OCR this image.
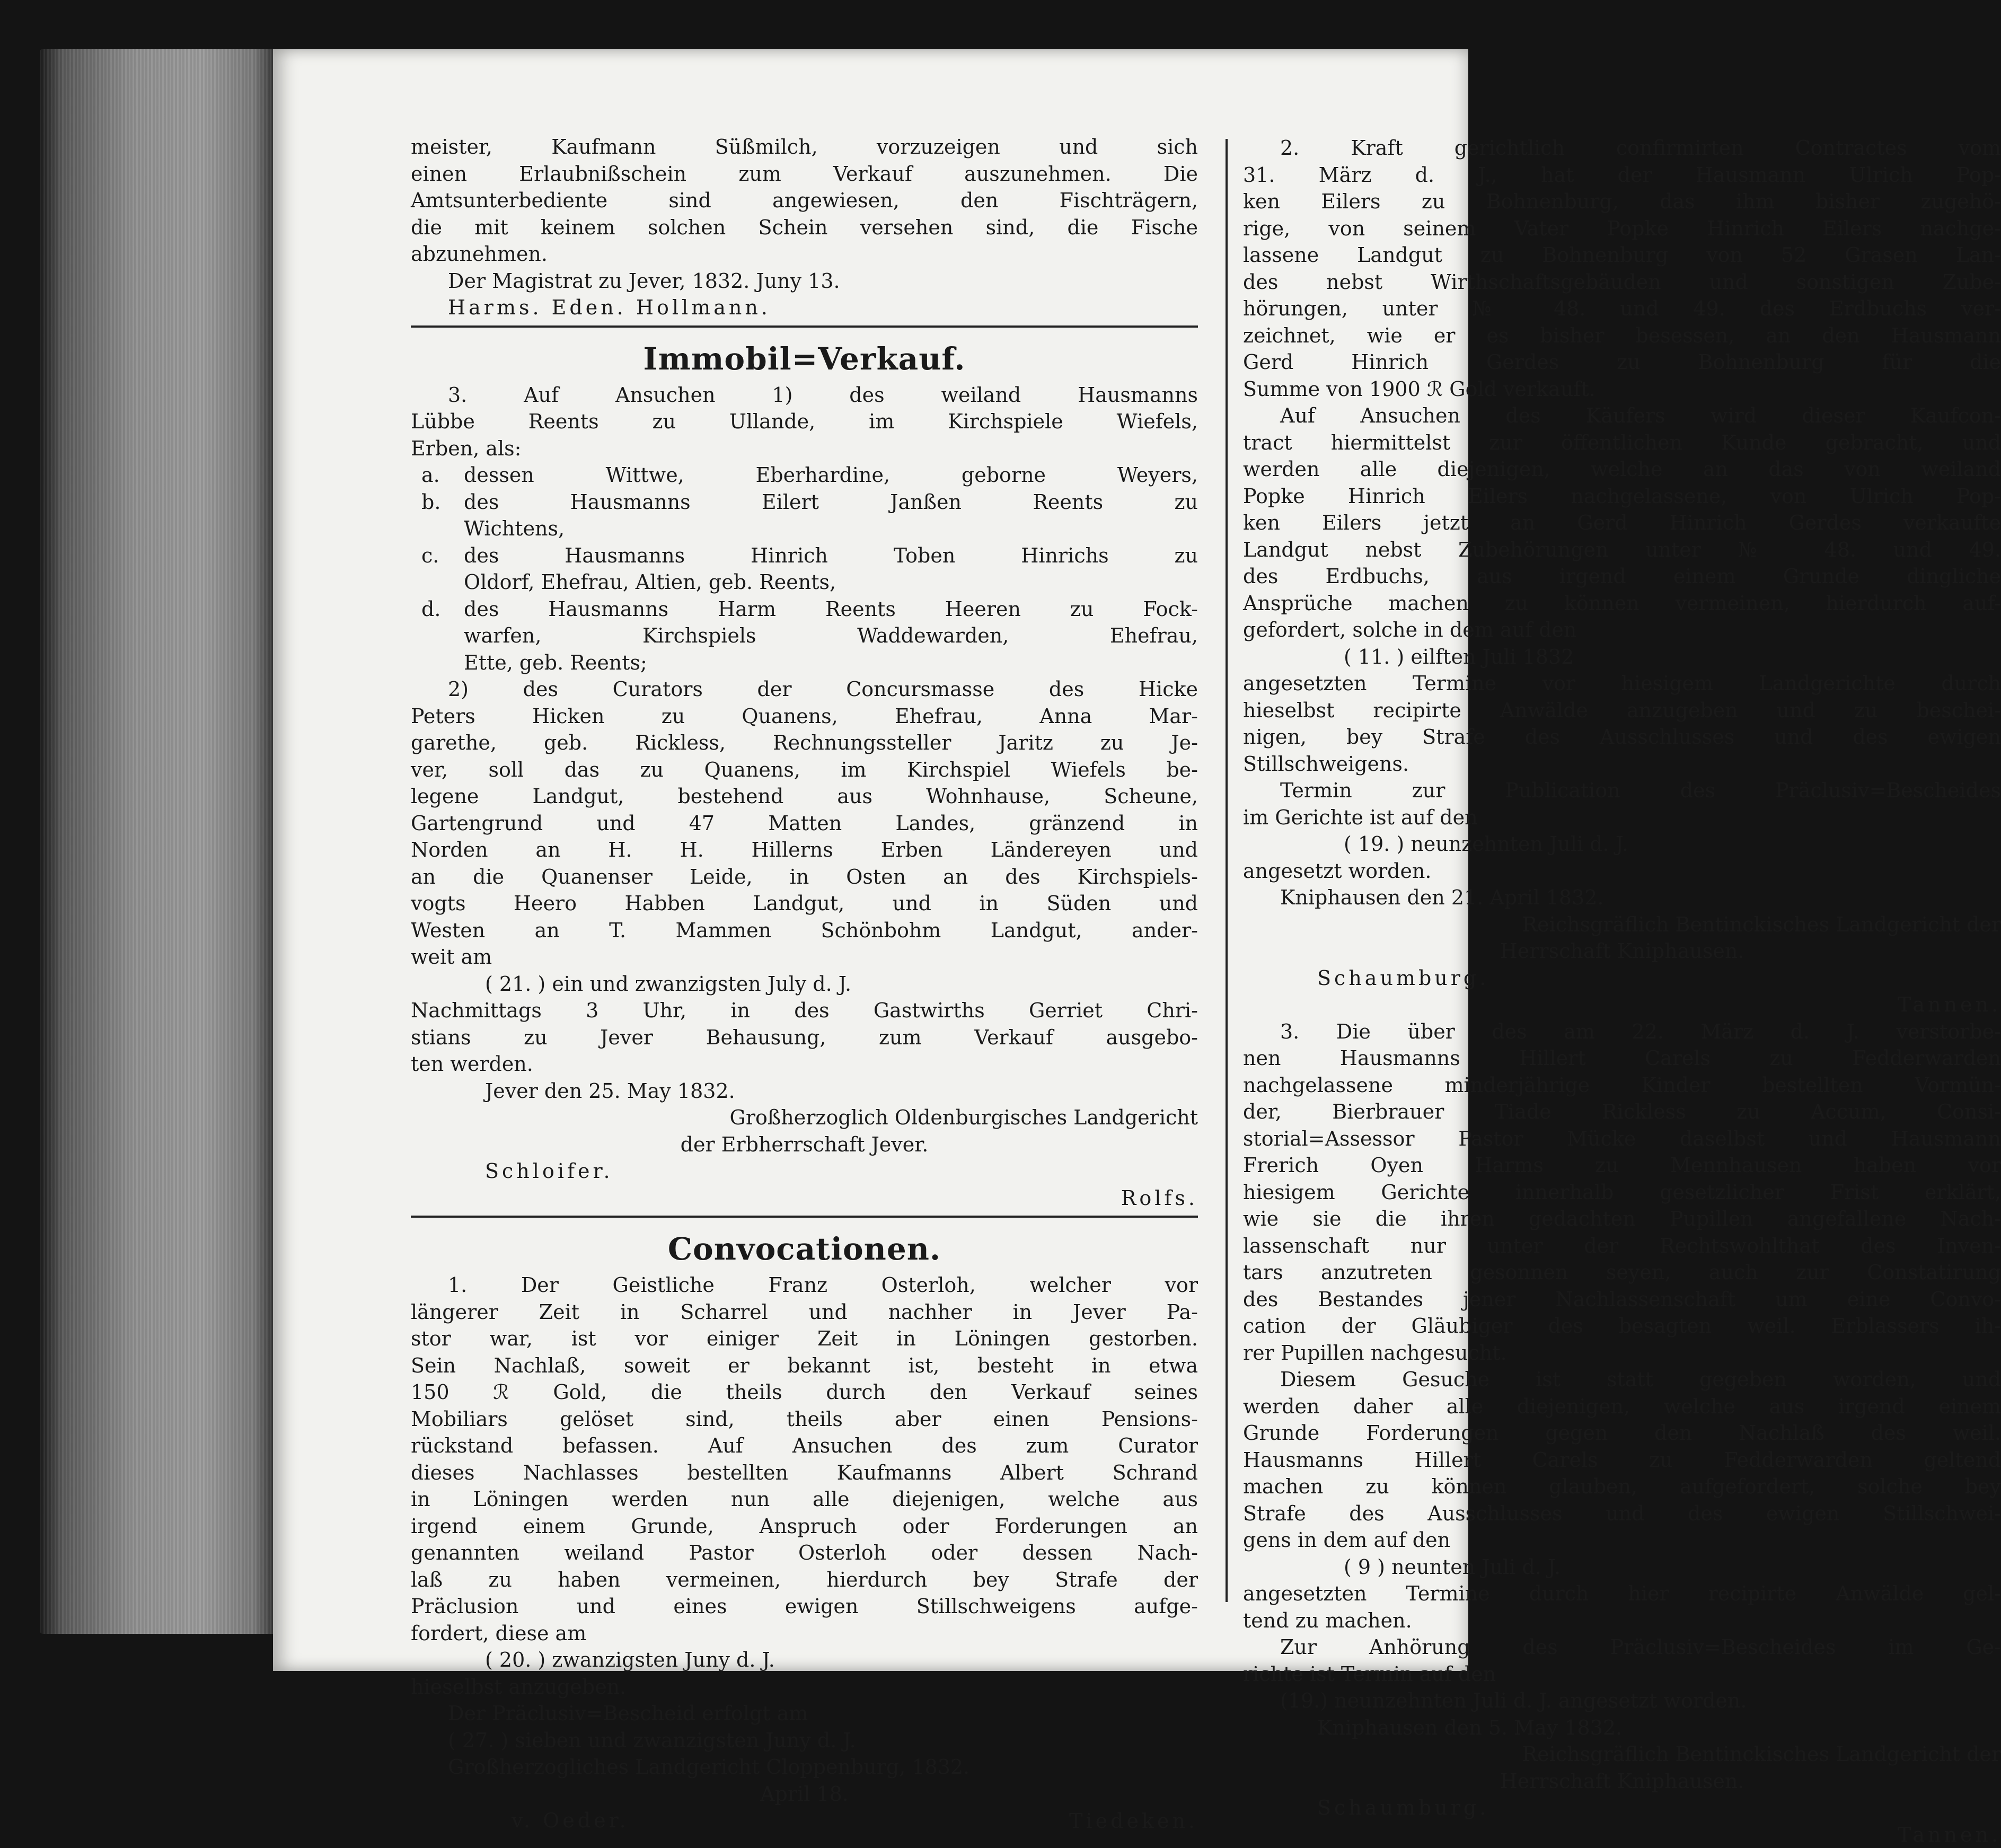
meister, Kaufmann Süßmilch, vorzuzeigen und sich
einen Erlaubnißschein zum Verkauf auszunehmen. Die
Amtsunterbediente sind angewiesen, den Fischträgern,
die mit keinem solchen Schein versehen sind, die Fische
abzunehmen.
Der Magistrat zu Jever, 1832. Juny 13.
Harms. Eden. Hollmann.
Immobil=Verkauf.
3. Auf Ansuchen 1) des weiland Hausmanns
Lübbe Reents zu Ullande, im Kirchspiele Wiefels,
Erben, als:
a.	dessen Wittwe, Eberhardine, geborne Weyers,
b.	des Hausmanns Eilert Janßen Reents zu
Wichtens,
c.	des Hausmanns Hinrich Toben Hinrichs zu
Oldorf, Ehefrau, Altien, geb. Reents,
d.	des Hausmanns Harm Reents Heeren zu Fock-
warfen, Kirchspiels Waddewarden, Ehefrau,
Ette, geb. Reents;
2) des Curators der Concursmasse des Hicke
Peters Hicken zu Quanens, Ehefrau, Anna Mar-
garethe, geb. Rickless, Rechnungssteller Jaritz zu Je-
ver, soll das zu Quanens, im Kirchspiel Wiefels be-
legene Landgut, bestehend aus Wohnhause, Scheune,
Gartengrund und 47 Matten Landes, gränzend in
Norden an H. H. Hillerns Erben Ländereyen und
an die Quanenser Leide, in Osten an des Kirchspiels-
vogts Heero Habben Landgut, und in Süden und
Westen an T. Mammen Schönbohm Landgut, ander-
weit am
( 21. ) ein und zwanzigsten July d. J.
Nachmittags 3 Uhr, in des Gastwirths Gerriet Chri-
stians zu Jever Behausung, zum Verkauf ausgebo-
ten werden.
Jever den 25. May 1832.
Großherzoglich Oldenburgisches Landgericht
der Erbherrschaft Jever.
Schloifer.
Rolfs.
Convocationen.
1. Der Geistliche Franz Osterloh, welcher vor
längerer Zeit in Scharrel und nachher in Jever Pa-
stor war, ist vor einiger Zeit in Löningen gestorben.
Sein Nachlaß, soweit er bekannt ist, besteht in etwa
150 ℛ Gold, die theils durch den Verkauf seines
Mobiliars gelöset sind, theils aber einen Pensions-
rückstand befassen. Auf Ansuchen des zum Curator
dieses Nachlasses bestellten Kaufmanns Albert Schrand
in Löningen werden nun alle diejenigen, welche aus
irgend einem Grunde, Anspruch oder Forderungen an
genannten weiland Pastor Osterloh oder dessen Nach-
laß zu haben vermeinen, hierdurch bey Strafe der
Präclusion und eines ewigen Stillschweigens aufge-
fordert, diese am
( 20. ) zwanzigsten Juny d. J.
hieselbst anzugeben.
Der Präclusiv=Bescheid erfolgt am
( 27. ) sieben und zwanzigsten Juny d. J.
Großherzogliches Landgericht Cloppenburg, 1832.
April 18.
v. Oeder.	Tiedeken.
2. Kraft gerichtlich confirmirten Contractes vom
31. März d. J., hat der Hausmann Ulrich Pop-
ken Eilers zu Bohnenburg, das ihm bisher zugehö-
rige, von seinem Vater Popke Hinrich Eilers nachge-
lassene Landgut zu Bohnenburg von 52 Grasen Lan-
des nebst Wirthschaftsgebäuden und sonstigen Zube-
hörungen, unter № 48. und 49. des Erdbuchs ver-
zeichnet, wie er es bisher besessen, an den Hausmann
Gerd Hinrich Gerdes zu Bohnenburg für die
Summe von 1900 ℛ Gold verkauft.
Auf Ansuchen des Käufers wird dieser Kaufcon-
tract hiermittelst zur öffentlichen Kunde gebracht, und
werden alle diejenigen, welche an das von weiland
Popke Hinrich Eilers nachgelassene, von Ulrich Pop-
ken Eilers jetzt an Gerd Hinrich Gerdes verkaufte
Landgut nebst Zubehörungen unter № 48. und 49.
des Erdbuchs, aus irgend einem Grunde dingliche
Ansprüche machen zu können vermeinen, hierdurch auf-
gefordert, solche in dem auf den
( 11. ) eilften Juli 1832
angesetzten Termine vor hiesigem Landgerichte durch
hieselbst recipirte Anwälde anzugeben und zu beschei-
nigen, bey Strafe des Ausschlusses und des ewigen
Stillschweigens.
Termin zur Publication des Präclusiv=Bescheides
im Gerichte ist auf den
( 19. ) neunzehnten Juli d. J.
angesetzt worden.
Kniphausen den 21. April 1832.
Reichsgräflich Bentinckisches Landgericht der
Herrschaft Kniphausen.
Schaumburg.
Tannen.
3. Die über des am 22. März d. J. verstorbe-
nen Hausmanns Hillert Carels zu Fedderwarden
nachgelassene minderjährige Kinder bestellten Vormün-
der, Bierbrauer Tiade Rickless zu Accum, Consi-
storial=Assessor Pastor Mücke daselbst und Hausmann
Frerich Oyen Harms zu Mennhausen haben vor
hiesigem Gerichte innerhalb gesetzlicher Frist erklärt,
wie sie die ihren gedachten Pupillen angefallene Nach-
lassenschaft nur unter der Rechtswohlthat des Inven-
tars anzutreten gesonnen seyen, auch zur Constatirung
des Bestandes jener Nachlassenschaft um eine Convo-
cation der Gläubiger des besagten weil. Erblassers ih-
rer Pupillen nachgesucht.
Diesem Gesuche ist statt gegeben worden, und
werden daher alle diejenigen, welche aus irgend einem
Grunde Forderungen gegen den Nachlaß des weil.
Hausmanns Hillert Carels zu Fedderwarden geltend
machen zu können glauben, aufgefordert, solche bey
Strafe des Ausschlusses und des ewigen Stillschwei-
gens in dem auf den
( 9 ) neunten Juli d. J.
angesetzten Termine durch hier recipirte Anwälde gel-
tend zu machen.
Zur Anhörung des Präclusiv=Bescheides im Ge-
richte ist Termin auf den
(19.) neunzehnten Juli d. J. angesetzt worden.
Kniphausen den 5. May 1832.
Reichsgräflich Bentinckisches Landgericht der
Herrschaft Kniphausen.
Schaumburg.
Tannen.
